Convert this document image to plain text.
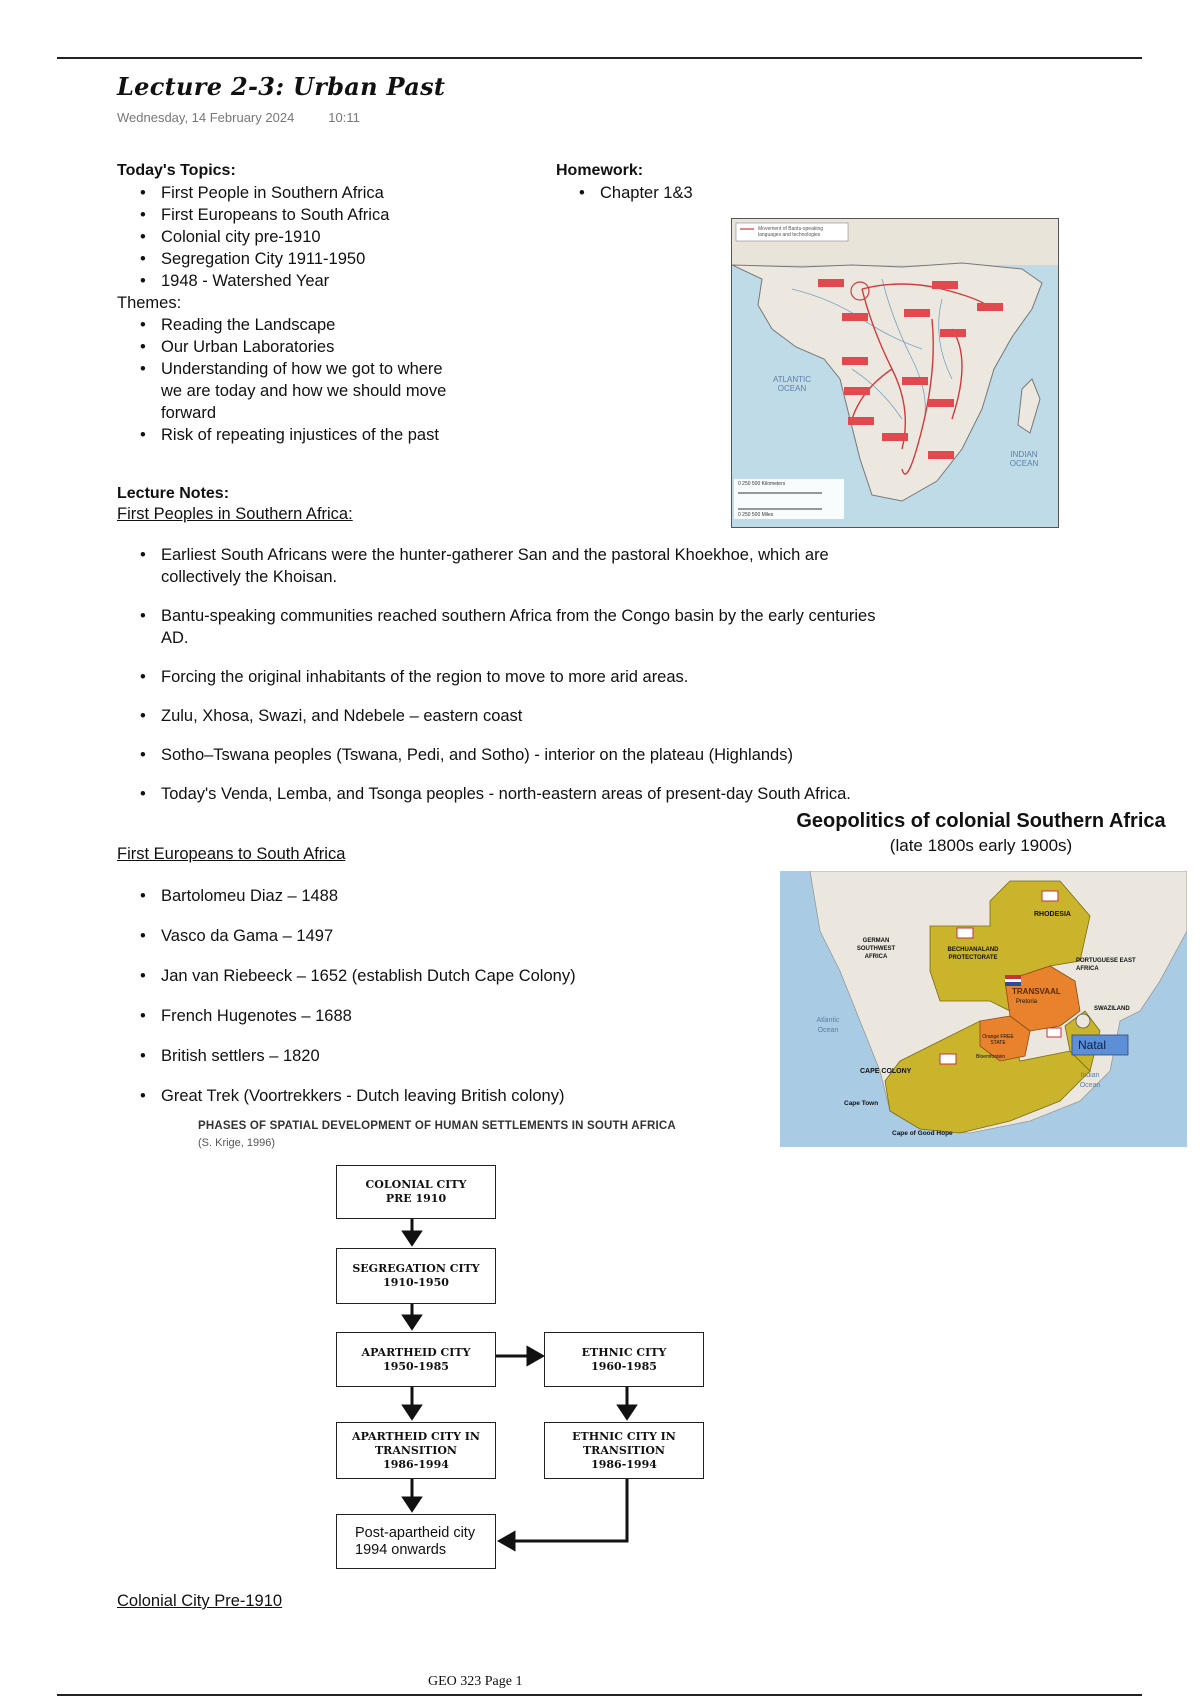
Lecture 2-3: Urban Past
Wednesday, 14 February 2024	10:11
Today's Topics:
• First People in Southern Africa
• First Europeans to South Africa
• Colonial city pre-1910
• Segregation City 1911-1950
• 1948 - Watershed Year
Themes:
• Reading the Landscape
• Our Urban Laboratories
• Understanding of how we got to where we are today and how we should move forward
• Risk of repeating injustices of the past
Homework:
• Chapter 1&3
Movement of Bantu-speaking languages and technologies
ATLANTIC OCEAN
INDIAN OCEAN
0 250 500 Kilometers
0 250 500 Miles
Lecture Notes:
First Peoples in Southern Africa:
• Earliest South Africans were the hunter-gatherer San and the pastoral Khoekhoe, which are collectively the Khoisan.
• Bantu-speaking communities reached southern Africa from the Congo basin by the early centuries AD.
• Forcing the original inhabitants of the region to move to more arid areas.
• Zulu, Xhosa, Swazi, and Ndebele – eastern coast
• Sotho–Tswana peoples (Tswana, Pedi, and Sotho) - interior on the plateau (Highlands)
• Today's Venda, Lemba, and Tsonga peoples - north-eastern areas of present-day South Africa.
First Europeans to South Africa
• Bartolomeu Diaz – 1488
• Vasco da Gama – 1497
• Jan van Riebeeck – 1652 (establish Dutch Cape Colony)
• French Hugenotes – 1688
• British settlers – 1820
• Great Trek (Voortrekkers - Dutch leaving British colony)
Geopolitics of colonial Southern Africa
(late 1800s early 1900s)
RHODESIA
GERMAN SOUTHWEST AFRICA
BECHUANALAND PROTECTORATE	PORTUGUESE EAST AFRICA
TRANSVAAL
Pretoria
SWAZILAND
Orange FREE STATE
Bloemfontein
Natal
Atlantic Ocean
Indian Ocean
CAPE COLONY
Cape Town
Cape of Good Hope
PHASES OF SPATIAL DEVELOPMENT OF HUMAN SETTLEMENTS IN SOUTH AFRICA
(S. Krige, 1996)
COLONIAL CITY
PRE 1910
SEGREGATION CITY
1910-1950
APARTHEID CITY
1950-1985
ETHNIC CITY
1960-1985
APARTHEID CITY IN
TRANSITION
1986-1994
ETHNIC CITY IN
TRANSITION
1986-1994
Post-apartheid city
1994 onwards
Colonial City Pre-1910
GEO 323 Page 1
